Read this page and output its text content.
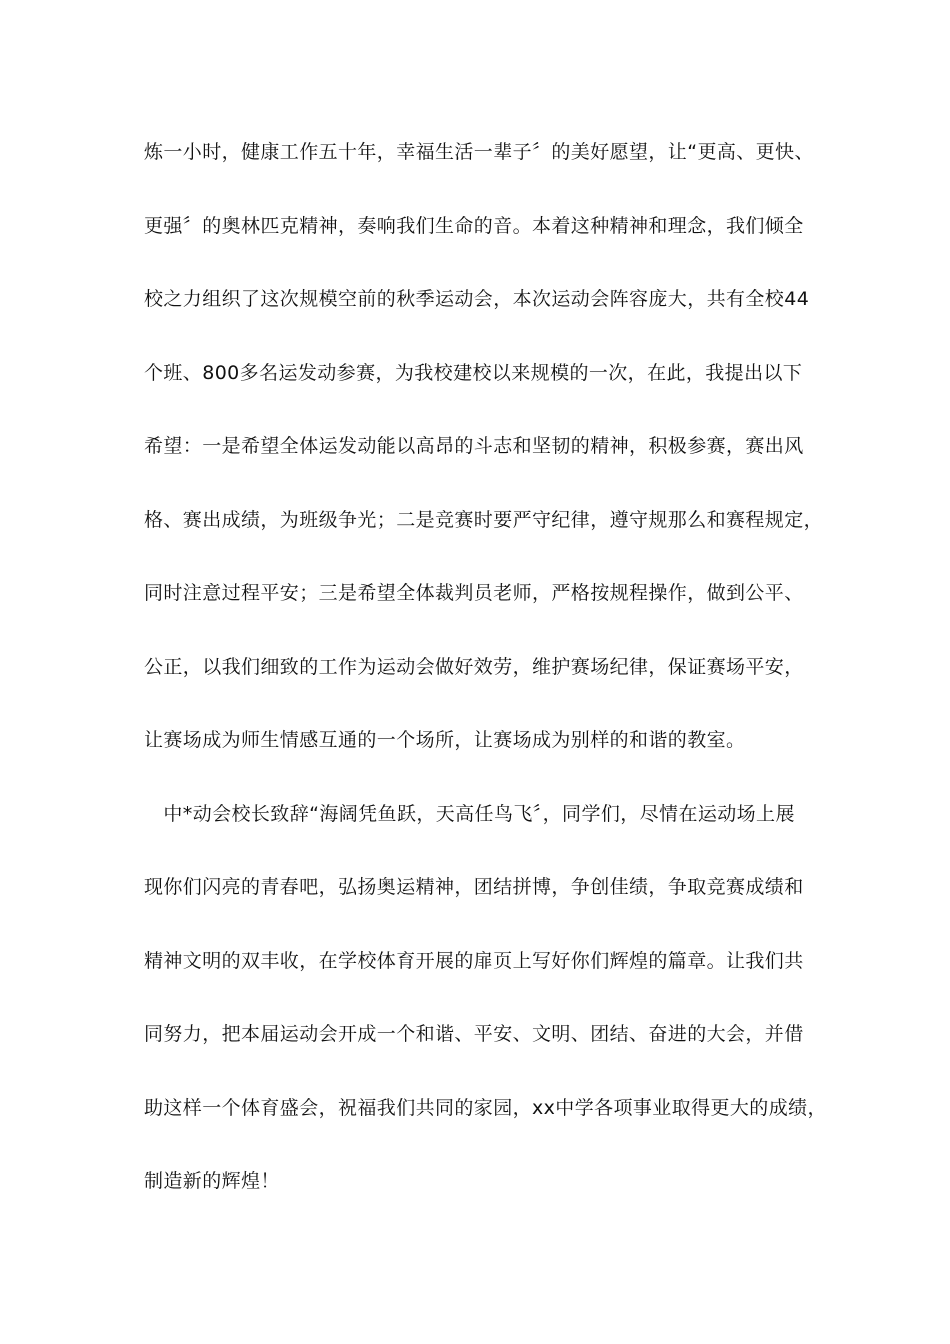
炼一小时，健康工作五十年，幸福生活一辈子〞的美好愿望，让“更高、更快、
更强〞的奥林匹克精神，奏响我们生命的音。本着这种精神和理念，我们倾全
校之力组织了这次规模空前的秋季运动会，本次运动会阵容庞大，共有全校44
个班、800多名运发动参赛，为我校建校以来规模的一次，在此，我提出以下
希望：一是希望全体运发动能以高昂的斗志和坚韧的精神，积极参赛，赛出风
格、赛出成绩，为班级争光；二是竞赛时要严守纪律，遵守规那么和赛程规定，
同时注意过程平安；三是希望全体裁判员老师，严格按规程操作，做到公平、
公正，以我们细致的工作为运动会做好效劳，维护赛场纪律，保证赛场平安，
让赛场成为师生情感互通的一个场所，让赛场成为别样的和谐的教室。
　中*动会校长致辞“海阔凭鱼跃，天高任鸟飞〞，同学们，尽情在运动场上展
现你们闪亮的青春吧，弘扬奥运精神，团结拼博，争创佳绩，争取竞赛成绩和
精神文明的双丰收，在学校体育开展的扉页上写好你们辉煌的篇章。让我们共
同努力，把本届运动会开成一个和谐、平安、文明、团结、奋进的大会，并借
助这样一个体育盛会，祝福我们共同的家园，xx中学各项事业取得更大的成绩，
制造新的辉煌！
